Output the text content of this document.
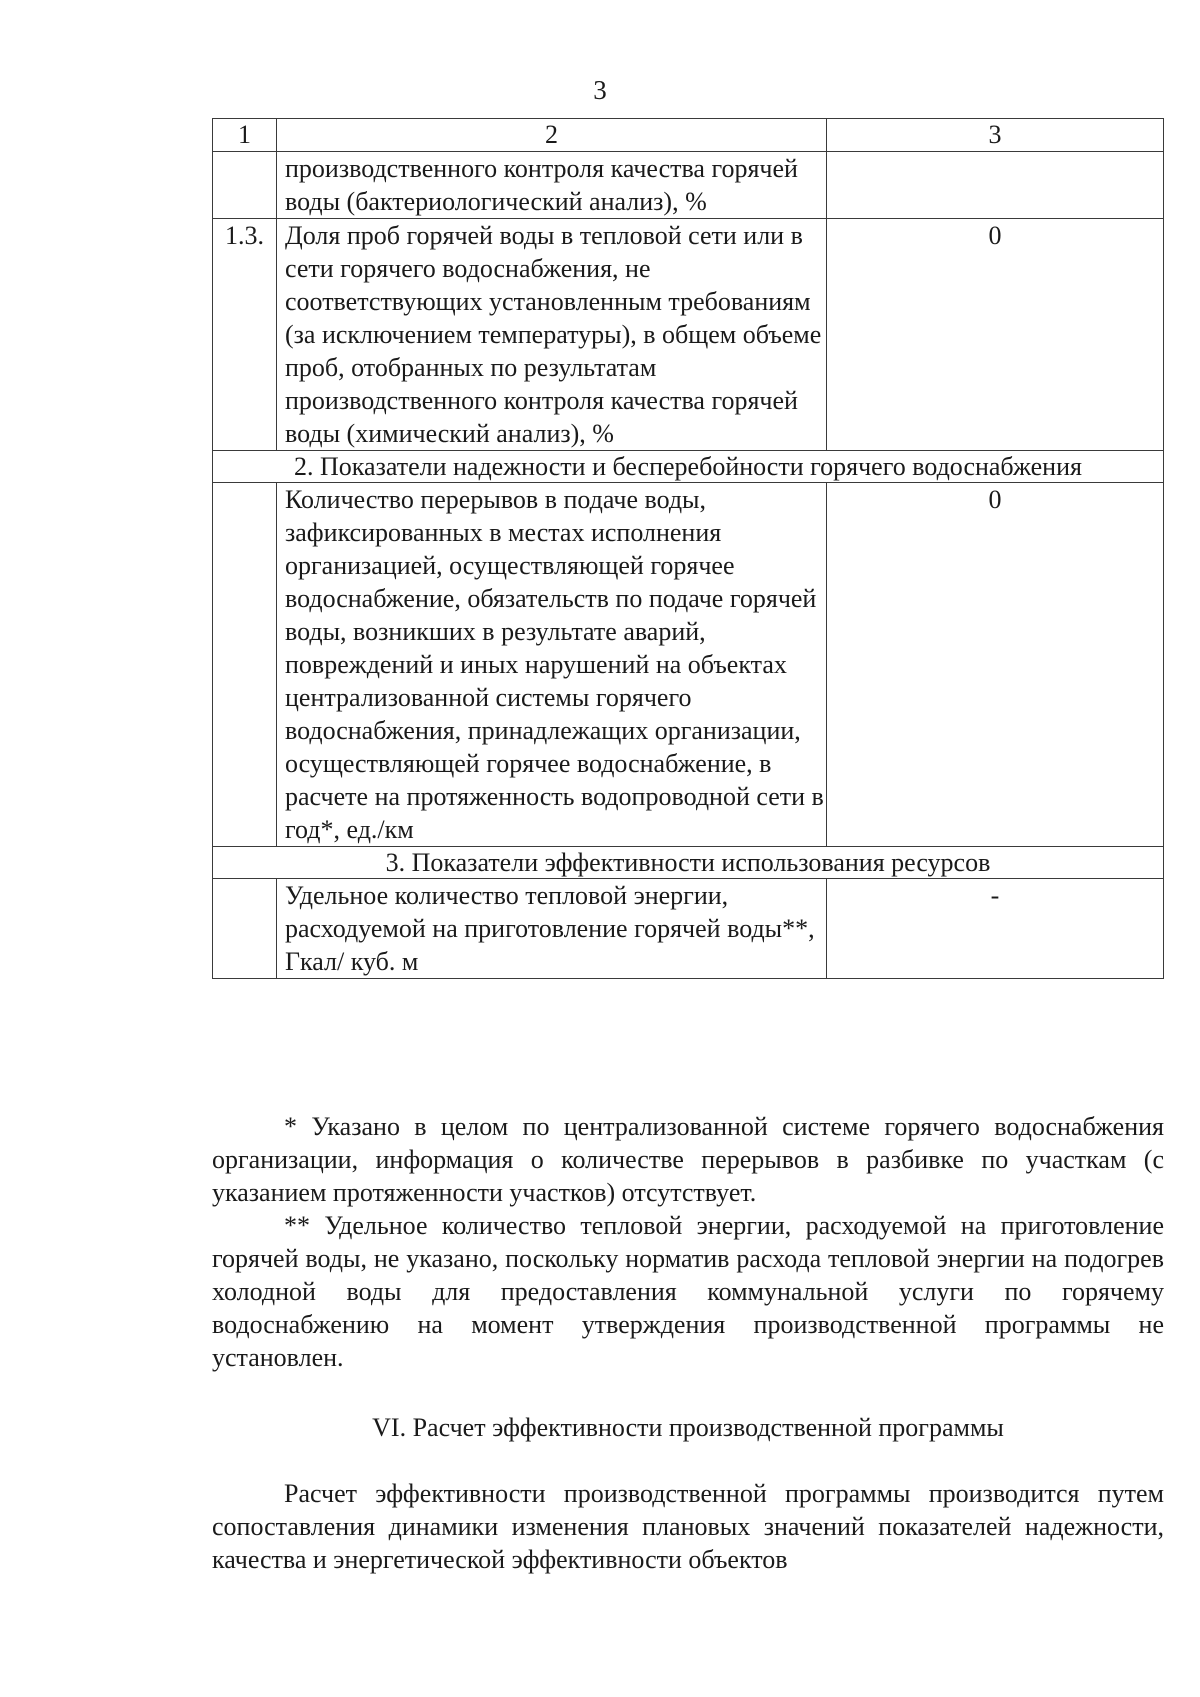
3
1	2	3
	производственного контроля качества горячей воды (бактериологический анализ), %	
1.3.	Доля проб горячей воды в тепловой сети или в сети горячего водоснабжения, не соответствующих установленным требованиям (за исключением температуры), в общем объеме проб, отобранных по результатам производственного контроля качества горячей воды (химический анализ), %	0
2. Показатели надежности и бесперебойности горячего водоснабжения		
	Количество перерывов в подаче воды, зафиксированных в местах исполнения организацией, осуществляющей горячее водоснабжение, обязательств по подаче горячей воды, возникших в результате аварий, повреждений и иных нарушений на объектах централизованной системы горячего водоснабжения, принадлежащих организации, осуществляющей горячее водоснабжение, в расчете на протяженность водопроводной сети в год*, ед./км	0
3. Показатели эффективности использования ресурсов		
	Удельное количество тепловой энергии, расходуемой на приготовление горячей воды**, Гкал/ куб. м	-

* Указано в целом по централизованной системе горячего водоснабжения организации, информация о количестве перерывов в разбивке по участкам (с указанием протяженности участков) отсутствует.

** Удельное количество тепловой энергии, расходуемой на приготовление горячей воды, не указано, поскольку норматив расхода тепловой энергии на подогрев холодной воды для предоставления коммунальной услуги по горячему водоснабжению на момент утверждения производственной программы не установлен.

VI. Расчет эффективности производственной программы

Расчет эффективности производственной программы производится путем сопоставления динамики изменения плановых значений показателей надежности, качества и энергетической эффективности объектов
